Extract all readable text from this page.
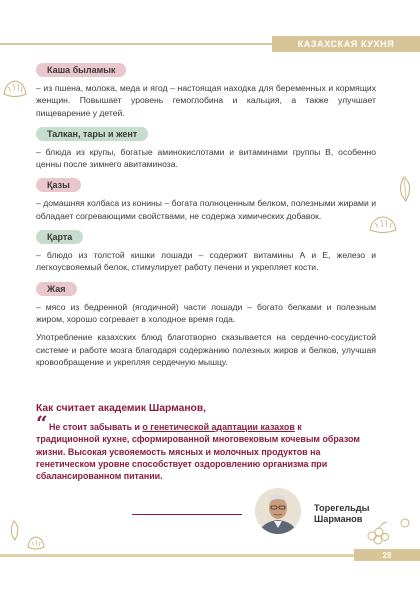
КАЗАХСКАЯ КУХНЯ
Каша быламык

– из пшена, молока, меда и ягод – настоящая находка для беременных и кормящих женщин. Повышает уровень гемоглобина и кальция, а также улучшает пищеварение у детей.

Талкан, тары и жент

– блюда из крупы, богатые аминокислотами и витаминами группы В, особенно ценны после зимнего авитаминоза.

Қазы

– домашняя колбаса из конины – богата полноценным белком, полезными жирами и обладает согревающими свойствами, не содержа химических добавок.

Қарта

– блюдо из толстой кишки лошади – содержит витамины А и Е, железо и легкоусвояемый белок, стимулирует работу печени и укрепляет кости.

Жая

– мясо из бедренной (ягодичной) части лошади – богато белками и полезным жиром, хорошо согревает в холодное время года.

Употребление казахских блюд благотворно сказывается на сердечно-сосудистой системе и работе мозга благодаря содержанию полезных жиров и белков, улучшая кровообращение и укрепляя сердечную мышцу.

Как считает академик Шарманов,
“ Не стоит забывать и о генетической адаптации казахов к традиционной кухне, сформированной многовековым кочевым образом жизни. Высокая усвояемость мясных и молочных продуктов на генетическом уровне способствует оздоровлению организма при сбалансированном питании.

Торегельды
Шарманов
29
